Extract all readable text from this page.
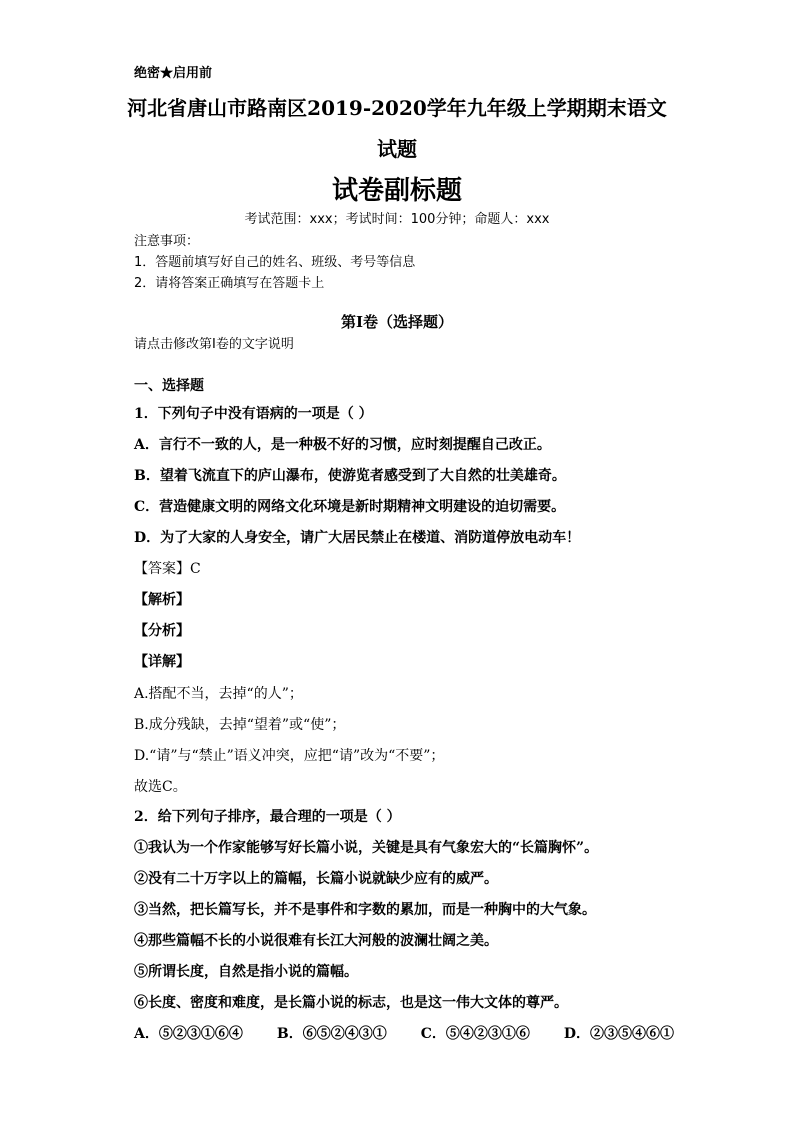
绝密★启用前
河北省唐山市路南区2019-2020学年九年级上学期期末语文
试题
试卷副标题
考试范围：xxx；考试时间：100分钟；命题人：xxx
注意事项：
1．答题前填写好自己的姓名、班级、考号等信息
2．请将答案正确填写在答题卡上
第I卷（选择题）
请点击修改第I卷的文字说明
一、选择题
1．下列句子中没有语病的一项是（ ）
A．言行不一致的人，是一种极不好的习惯，应时刻提醒自己改正。
B．望着飞流直下的庐山瀑布，使游览者感受到了大自然的壮美雄奇。
C．营造健康文明的网络文化环境是新时期精神文明建设的迫切需要。
D．为了大家的人身安全，请广大居民禁止在楼道、消防道停放电动车！
【答案】C
【解析】
【分析】
【详解】
A.搭配不当，去掉“的人”；
B.成分残缺，去掉“望着”或“使”；
D.“请”与“禁止”语义冲突，应把“请”改为“不要”；
故选C。
2．给下列句子排序，最合理的一项是（ ）
①我认为一个作家能够写好长篇小说，关键是具有气象宏大的“长篇胸怀”。
②没有二十万字以上的篇幅，长篇小说就缺少应有的威严。
③当然，把长篇写长，并不是事件和字数的累加，而是一种胸中的大气象。
④那些篇幅不长的小说很难有长江大河般的波澜壮阔之美。
⑤所谓长度，自然是指小说的篇幅。
⑥长度、密度和难度，是长篇小说的标志，也是这一伟大文体的尊严。
A．⑤②③①⑥④ B．⑥⑤②④③① C．⑤④②③①⑥ D．②③⑤④⑥①
